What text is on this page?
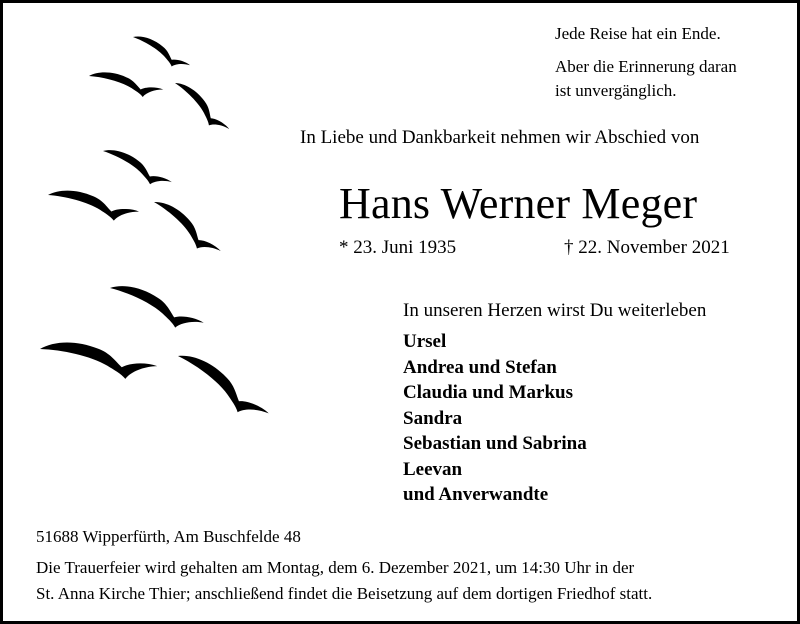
Jede Reise hat ein Ende.
Aber die Erinnerung daran
ist unvergänglich.
In Liebe und Dankbarkeit nehmen wir Abschied von
Hans Werner Meger
* 23. Juni 1935	† 22. November 2021
In unseren Herzen wirst Du weiterleben
Ursel
Andrea und Stefan
Claudia und Markus
Sandra
Sebastian und Sabrina
Leevan
und Anverwandte
51688 Wipperfürth, Am Buschfelde 48
Die Trauerfeier wird gehalten am Montag, dem 6. Dezember 2021, um 14:30 Uhr in der
St. Anna Kirche Thier; anschließend findet die Beisetzung auf dem dortigen Friedhof statt.
